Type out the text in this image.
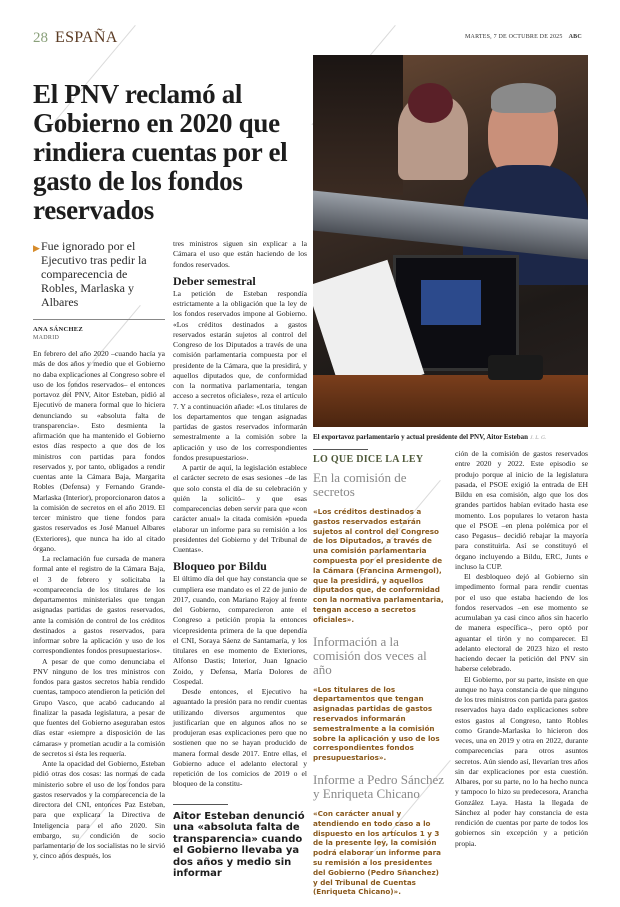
28 ESPAÑA	MARTES, 7 DE OCTUBRE DE 2025 ABC
El PNV reclamó al Gobierno en 2020 que rindiera cuentas por el gasto de los fondos reservados
▶ Fue ignorado por el Ejecutivo tras pedir la comparecencia de Robles, Marlaska y Albares
ANA SÁNCHEZ
MADRID

En febrero del año 2020 –cuando hacía ya más de dos años y medio que el Gobierno no daba explicaciones al Congreso sobre el uso de los fondos reservados– el entonces portavoz del PNV, Aitor Esteban, pidió al Ejecutivo de manera formal que lo hiciera denunciando su «absoluta falta de transparencia». Esto desmienta la afirmación que ha mantenido el Gobierno estos días respecto a que dos de los ministros con partidas para fondos reservados y, por tanto, obligados a rendir cuentas ante la Cámara Baja, Margarita Robles (Defensa) y Fernando Grande-Marlaska (Interior), proporcionaron datos a la comisión de secretos en el año 2019. El tercer ministro que tiene fondos para gastos reservados es José Manuel Albares (Exteriores), que nunca ha ido al citado órgano.

La reclamación fue cursada de manera formal ante el registro de la Cámara Baja, el 3 de febrero y solicitaba la «comparecencia de los titulares de los departamentos ministeriales que tengan asignadas partidas de gastos reservados, ante la comisión de control de los créditos destinados a gastos reservados, para informar sobre la aplicación y uso de los correspondientes fondos presupuestarios».

A pesar de que como denunciaba el PNV ninguno de los tres ministros con fondos para gastos secretos había rendido cuentas, tampoco atendieron la petición del Grupo Vasco, que acabó caducando al finalizar la pasada legislatura, a pesar de que fuentes del Gobierno aseguraban estos días estar «siempre a disposición de las cámaras» y prometían acudir a la comisión de secretos si ésta les requería.

Ante la opacidad del Gobierno, Esteban pidió otras dos cosas: las normas de cada ministerio sobre el uso de los fondos para gastos reservados y la comparecencia de la directora del CNI, entonces Paz Esteban, para que explicara la Directiva de Inteligencia para el año 2020. Sin embargo, su condición de socio parlamentario de los socialistas no le sirvió y, cinco años después, los

tres ministros siguen sin explicar a la Cámara el uso que están haciendo de los fondos reservados.

Deber semestral

La petición de Esteban respondía estrictamente a la obligación que la ley de los fondos reservados impone al Gobierno. «Los créditos destinados a gastos reservados estarán sujetos al control del Congreso de los Diputados a través de una comisión parlamentaria compuesta por el presidente de la Cámara, que la presidirá, y aquellos diputados que, de conformidad con la normativa parlamentaria, tengan acceso a secretos oficiales», reza el artículo 7. Y a continuación añade: «Los titulares de los departamentos que tengan asignadas partidas de gastos reservados informarán semestralmente a la comisión sobre la aplicación y uso de los correspondientes fondos presupuestarios».

A partir de aquí, la legislación establece el carácter secreto de esas sesiones –de las que solo consta el día de su celebración y quién la solicitó– y que esas comparecencias deben servir para que «con carácter anual» la citada comisión «pueda elaborar un informe para su remisión a los presidentes del Gobierno y del Tribunal de Cuentas».

Bloqueo por Bildu

El último día del que hay constancia que se cumpliera ese mandato es el 22 de junio de 2017, cuando, con Mariano Rajoy al frente del Gobierno, comparecieron ante el Congreso a petición propia la entonces vicepresidenta primera de la que dependía el CNI, Soraya Sáenz de Santamaría, y los titulares en ese momento de Exteriores, Alfonso Dastis; Interior, Juan Ignacio Zoido, y Defensa, María Dolores de Cospedal.

Desde entonces, el Ejecutivo ha aguantado la presión para no rendir cuentas utilizando diversos argumentos que justificarían que en algunos años no se produjeran esas explicaciones pero que no sostienen que no se hayan producido de manera formal desde 2017. Entre ellas, el Gobierno aduce el adelanto electoral y repetición de los comicios de 2019 o el bloqueo de la constitu-

Aitor Esteban denunció una «absoluta falta de transparencia» cuando el Gobierno llevaba ya dos años y medio sin informar
El exportavoz parlamentario y actual presidente del PNV, Aitor Esteban J. L. G.
LO QUE DICE LA LEY
En la comisión de secretos

«Los créditos destinados a gastos reservados estarán sujetos al control del Congreso de los Diputados, a través de una comisión parlamentaria compuesta por el presidente de la Cámara (Francina Armengol), que la presidirá, y aquellos diputados que, de conformidad con la normativa parlamentaria, tengan acceso a secretos oficiales».

Información a la comisión dos veces al año

«Los titulares de los departamentos que tengan asignadas partidas de gastos reservados informarán semestralmente a la comisión sobre la aplicación y uso de los correspondientes fondos presupuestarios».

Informe a Pedro Sánchez y Enriqueta Chicano

«Con carácter anual y atendiendo en todo caso a lo dispuesto en los artículos 1 y 3 de la presente ley, la comisión podrá elaborar un informe para su remisión a los presidentes del Gobierno (Pedro Sñanchez) y del Tribunal de Cuentas (Enriqueta Chicano)».

ción de la comisión de gastos reservados entre 2020 y 2022. Este episodio se produjo porque al inicio de la legislatura pasada, el PSOE exigió la entrada de EH Bildu en esa comisión, algo que los dos grandes partidos habían evitado hasta ese momento. Los populares lo vetaron hasta que el PSOE –en plena polémica por el caso Pegasus– decidió rebajar la mayoría para constituirla. Así se constituyó el órgano incluyendo a Bildu, ERC, Junts e incluso la CUP.

El desbloqueo dejó al Gobierno sin impedimento formal para rendir cuentas por el uso que estaba haciendo de los fondos reservados –en ese momento se acumulaban ya casi cinco años sin hacerlo de manera específica–, pero optó por aguantar el tirón y no comparecer. El adelanto electoral de 2023 hizo el resto haciendo decaer la petición del PNV sin haberse celebrado.

El Gobierno, por su parte, insiste en que aunque no haya constancia de que ninguno de los tres ministros con partida para gastos reservados haya dado explicaciones sobre estos gastos al Congreso, tanto Robles como Grande-Marlaska lo hicieron dos veces, una en 2019 y otra en 2022, durante comparecencias para otros asuntos secretos. Aún siendo así, llevarían tres años sin dar explicaciones por esta cuestión. Albares, por su parte, no lo ha hecho nunca y tampoco lo hizo su predecesora, Arancha González Laya. Hasta la llegada de Sánchez al poder hay constancia de esta rendición de cuentas por parte de todos los gobiernos sin excepción y a petición propia.
